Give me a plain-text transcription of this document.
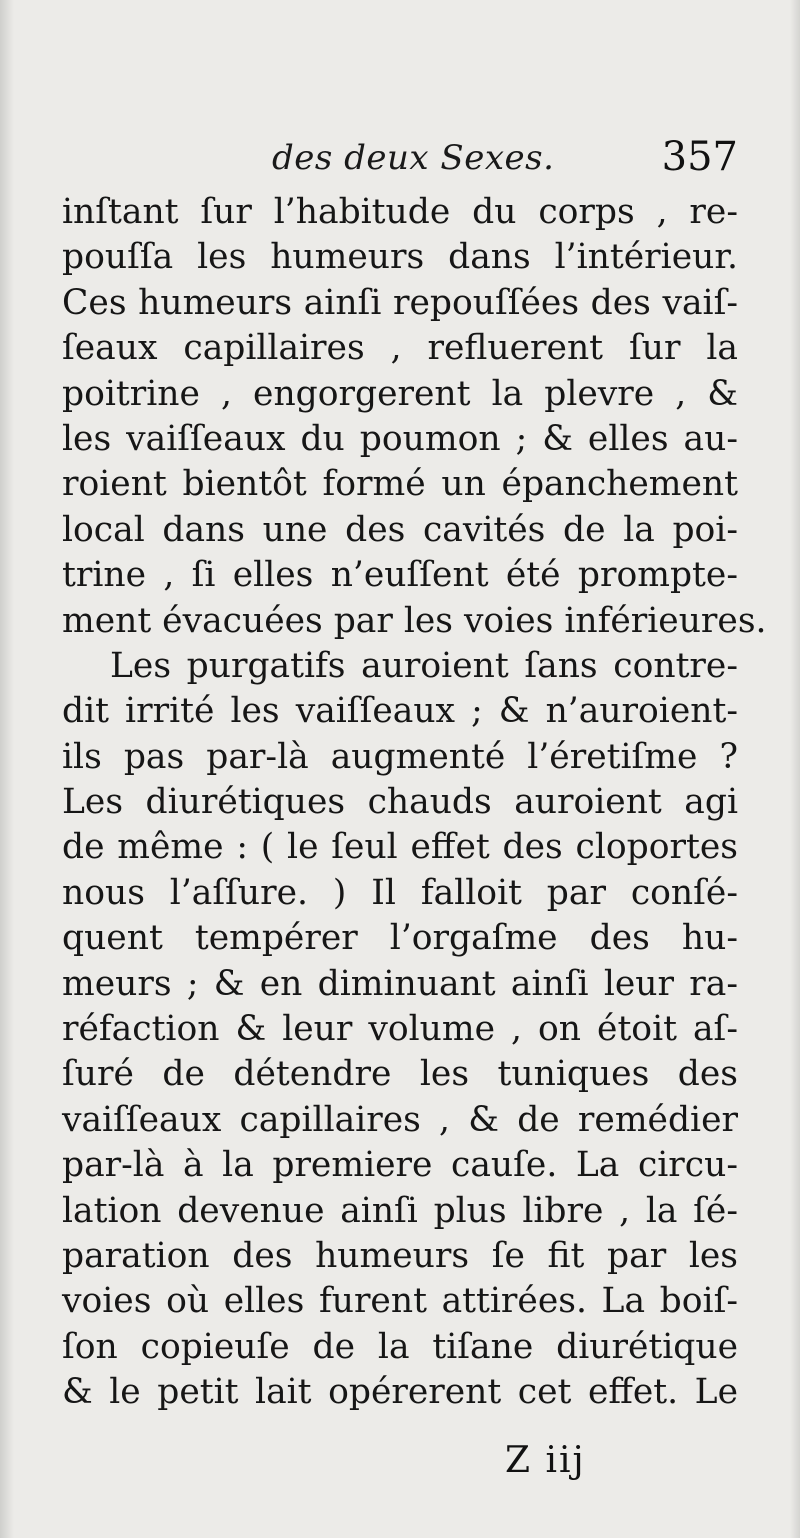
des deux Sexes.	357
inſtant ſur l’habitude du corps , re-
pouſſa les humeurs dans l’intérieur.
Ces humeurs ainſi repouſſées des vaiſ-
ſeaux capillaires , refluerent ſur la
poitrine , engorgerent la plevre , &
les vaiſſeaux du poumon ; & elles au-
roient bientôt formé un épanchement
local dans une des cavités de la poi-
trine , ſi elles n’euſſent été prompte-
ment évacuées par les voies inférieures.
Les purgatifs auroient ſans contre-
dit irrité les vaiſſeaux ; & n’auroient-
ils pas par-là augmenté l’éretiſme ?
Les diurétiques chauds auroient agi
de même : ( le ſeul effet des cloportes
nous l’aſſure. ) Il falloit par conſé-
quent tempérer l’orgaſme des hu-
meurs ; & en diminuant ainſi leur ra-
réfaction & leur volume , on étoit aſ-
ſuré de détendre les tuniques des
vaiſſeaux capillaires , & de remédier
par-là à la premiere cauſe. La circu-
lation devenue ainſi plus libre , la ſé-
paration des humeurs ſe fit par les
voies où elles furent attirées. La boiſ-
ſon copieuſe de la tiſane diurétique
& le petit lait opérerent cet effet. Le
Z iij
